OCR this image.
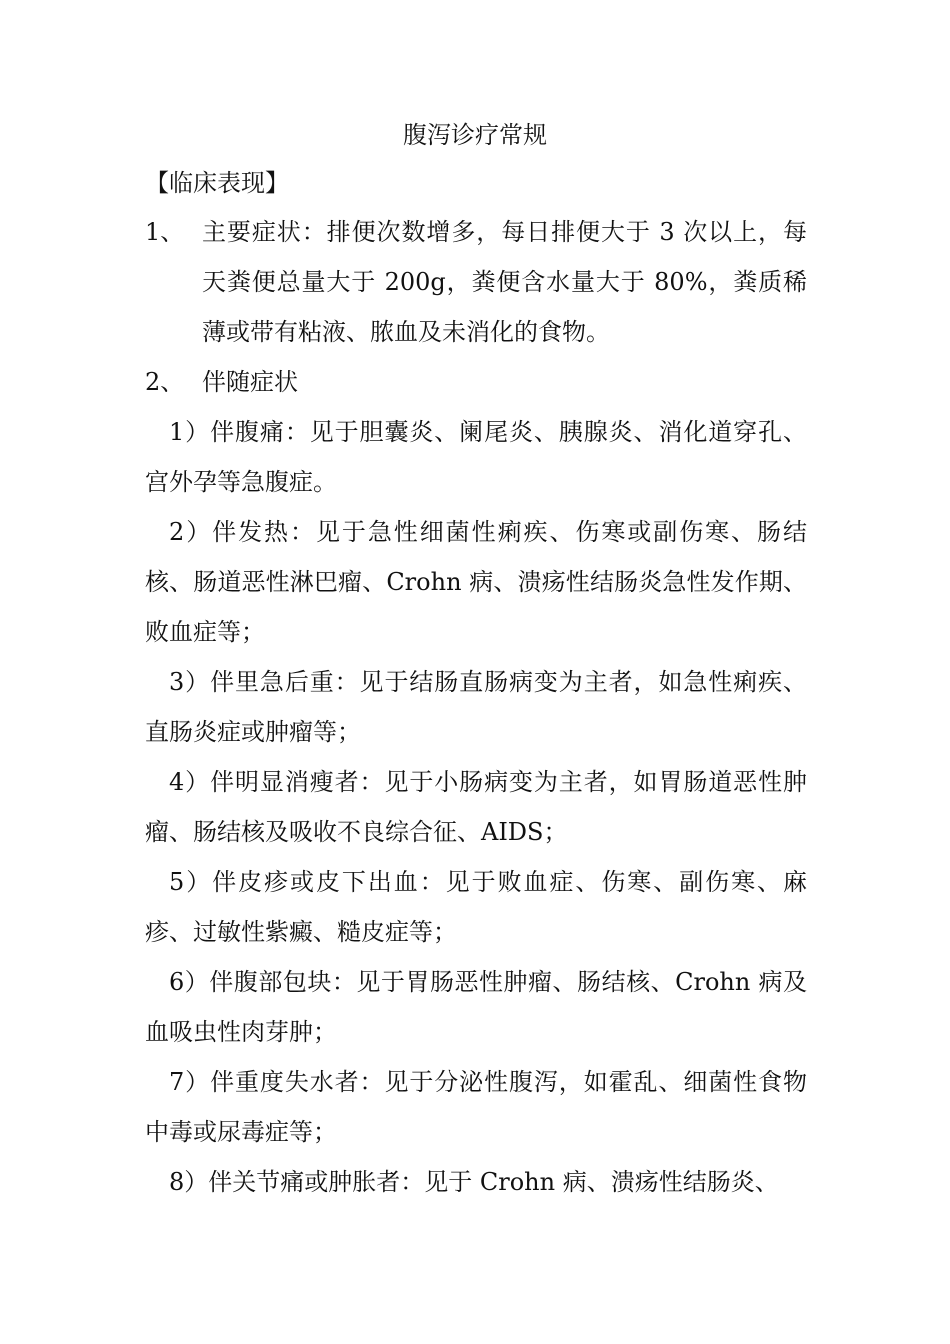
腹泻诊疗常规
【临床表现】
1、 主要症状：排便次数增多，每日排便大于 3 次以上，每天粪便总量大于 200g，粪便含水量大于 80%，粪质稀薄或带有粘液、脓血及未消化的食物。
2、 伴随症状
1）伴腹痛：见于胆囊炎、阑尾炎、胰腺炎、消化道穿孔、宫外孕等急腹症。
2）伴发热：见于急性细菌性痢疾、伤寒或副伤寒、肠结核、肠道恶性淋巴瘤、Crohn 病、溃疡性结肠炎急性发作期、败血症等；
3）伴里急后重：见于结肠直肠病变为主者，如急性痢疾、直肠炎症或肿瘤等；
4）伴明显消瘦者：见于小肠病变为主者，如胃肠道恶性肿瘤、肠结核及吸收不良综合征、AIDS；
5）伴皮疹或皮下出血：见于败血症、伤寒、副伤寒、麻疹、过敏性紫癜、糙皮症等；
6）伴腹部包块：见于胃肠恶性肿瘤、肠结核、Crohn 病及血吸虫性肉芽肿；
7）伴重度失水者：见于分泌性腹泻，如霍乱、细菌性食物中毒或尿毒症等；
8）伴关节痛或肿胀者：见于 Crohn 病、溃疡性结肠炎、
